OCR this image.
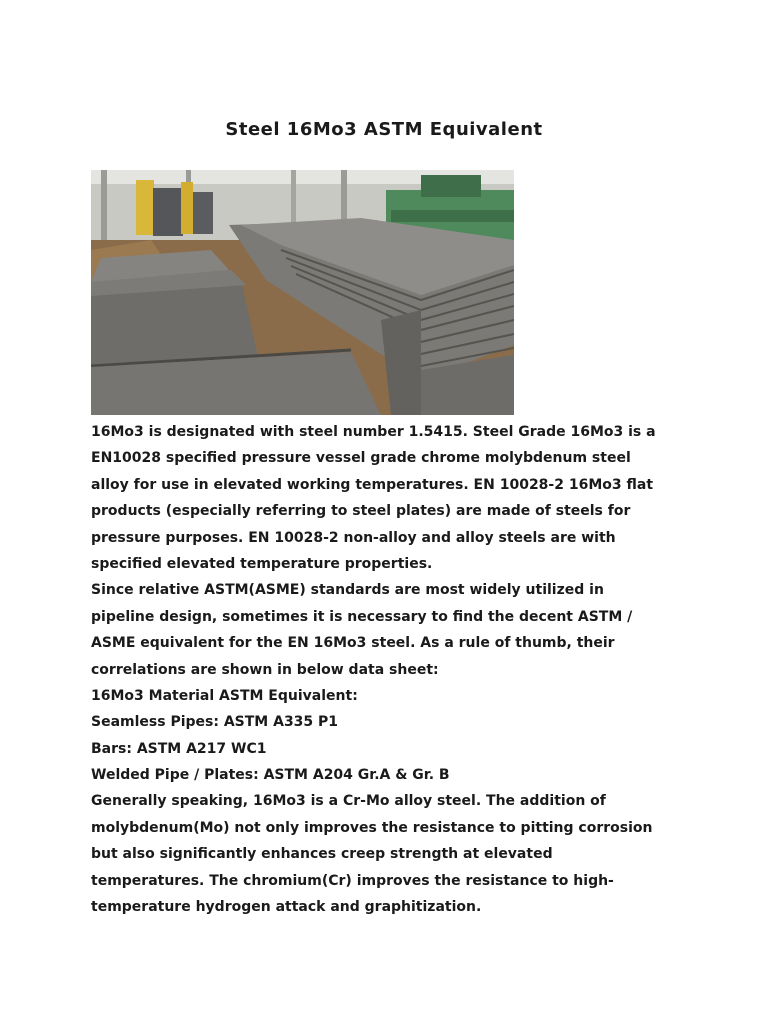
Steel 16Mo3 ASTM Equivalent
16Mo3 is designated with steel number 1.5415. Steel Grade 16Mo3 is a
EN10028 specified pressure vessel grade chrome molybdenum steel
alloy for use in elevated working temperatures. EN 10028-2 16Mo3 flat
products (especially referring to steel plates) are made of steels for
pressure purposes. EN 10028-2 non-alloy and alloy steels are with
specified elevated temperature properties.
Since relative ASTM(ASME) standards are most widely utilized in
pipeline design, sometimes it is necessary to find the decent ASTM /
ASME equivalent for the EN 16Mo3 steel. As a rule of thumb, their
correlations are shown in below data sheet:
16Mo3 Material ASTM Equivalent:
Seamless Pipes: ASTM A335 P1
Bars: ASTM A217 WC1
Welded Pipe / Plates: ASTM A204 Gr.A & Gr. B
Generally speaking, 16Mo3 is a Cr-Mo alloy steel. The addition of
molybdenum(Mo) not only improves the resistance to pitting corrosion
but also significantly enhances creep strength at elevated
temperatures. The chromium(Cr) improves the resistance to high-
temperature hydrogen attack and graphitization.
